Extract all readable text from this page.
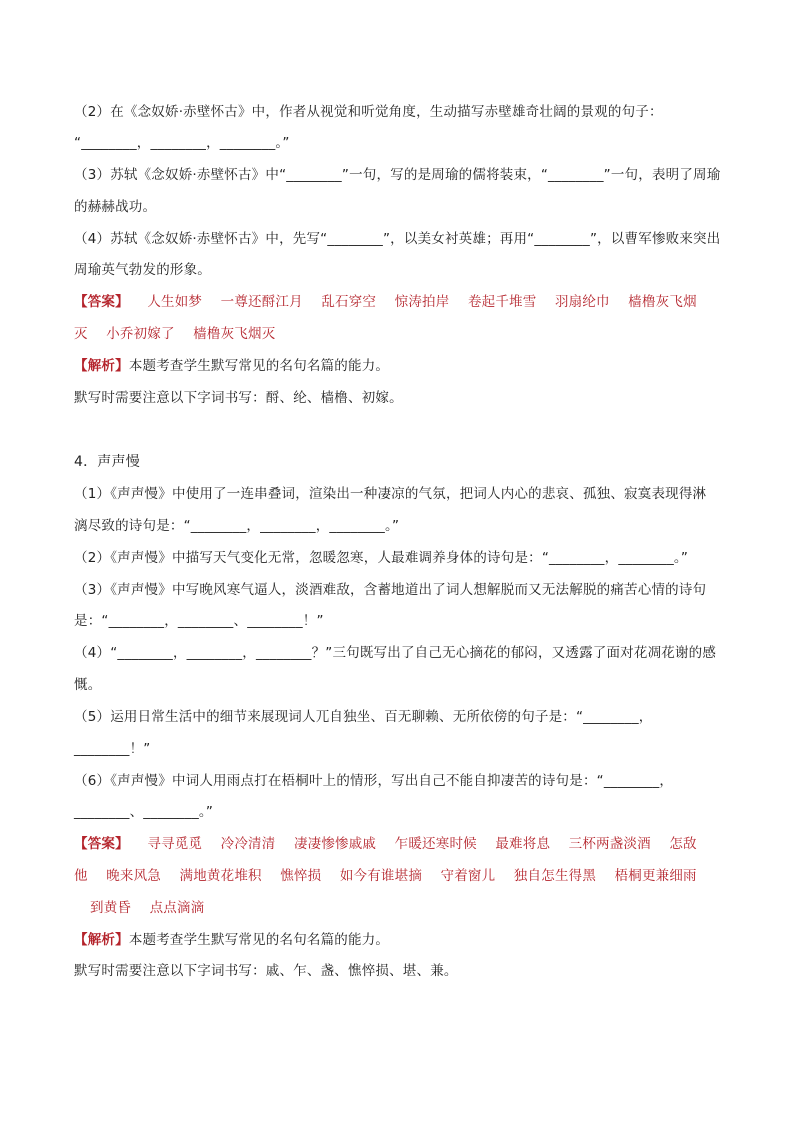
（2）在《念奴娇·赤壁怀古》中，作者从视觉和听觉角度，生动描写赤壁雄奇壮阔的景观的句子：
“________，________，________。”
（3）苏轼《念奴娇·赤壁怀古》中“________”一句，写的是周瑜的儒将装束，“________”一句，表明了周瑜
的赫赫战功。
（4）苏轼《念奴娇·赤壁怀古》中，先写“________”，以美女衬英雄；再用“________”，以曹军惨败来突出
周瑜英气勃发的形象。
【答案】 人生如梦 一尊还酹江月 乱石穿空 惊涛拍岸 卷起千堆雪 羽扇纶巾 樯橹灰飞烟
灭 小乔初嫁了 樯橹灰飞烟灭
【解析】本题考查学生默写常见的名句名篇的能力。
默写时需要注意以下字词书写：酹、纶、樯橹、初嫁。
4．声声慢
（1）《声声慢》中使用了一连串叠词，渲染出一种凄凉的气氛，把词人内心的悲哀、孤独、寂寞表现得淋
漓尽致的诗句是：“________，________，________。”
（2）《声声慢》中描写天气变化无常，忽暖忽寒，人最难调养身体的诗句是：“________，________。”
（3）《声声慢》中写晚风寒气逼人，淡酒难敌，含蓄地道出了词人想解脱而又无法解脱的痛苦心情的诗句
是：“________，________、________！”
（4）“________，________，________？”三句既写出了自己无心摘花的郁闷，又透露了面对花凋花谢的感
慨。
（5）运用日常生活中的细节来展现词人兀自独坐、百无聊赖、无所依傍的句子是：“________，
________！”
（6）《声声慢》中词人用雨点打在梧桐叶上的情形，写出自己不能自抑凄苦的诗句是：“________，
________、________。”
【答案】 寻寻觅觅 冷冷清清 凄凄惨惨戚戚 乍暖还寒时候 最难将息 三杯两盏淡酒 怎敌
他 晚来风急 满地黄花堆积 憔悴损 如今有谁堪摘 守着窗儿 独自怎生得黑 梧桐更兼细雨
到黄昏 点点滴滴
【解析】本题考查学生默写常见的名句名篇的能力。
默写时需要注意以下字词书写：戚、乍、盏、憔悴损、堪、兼。
